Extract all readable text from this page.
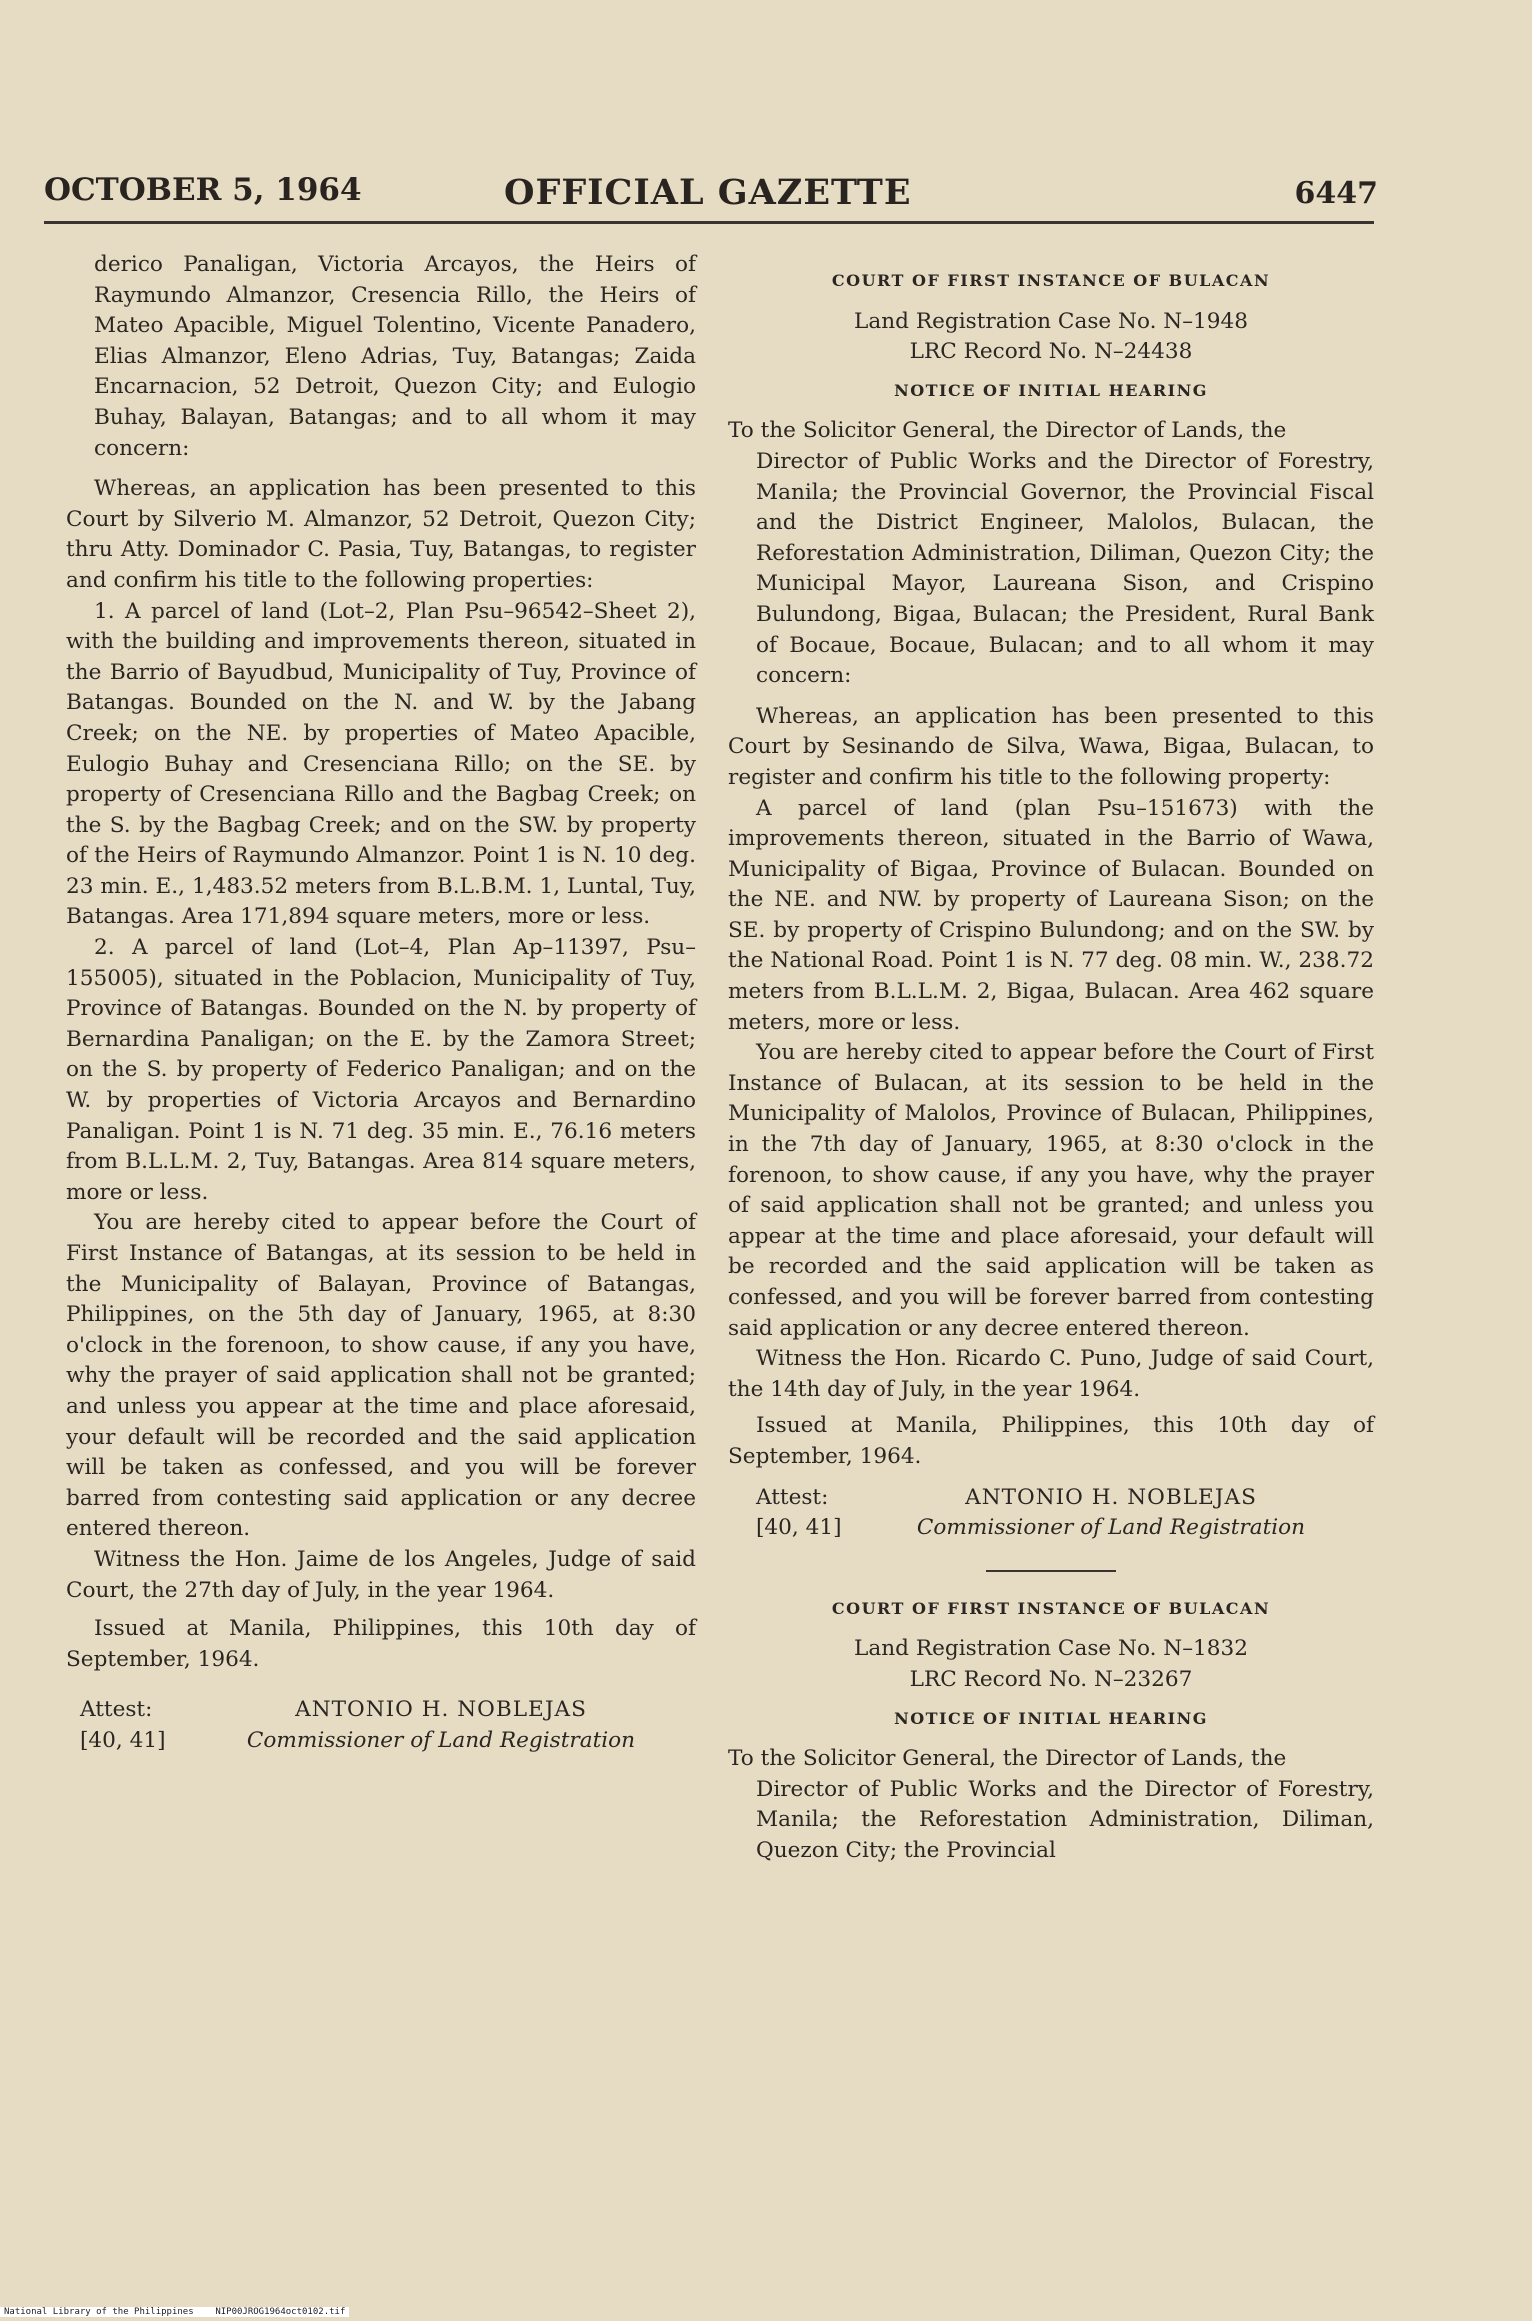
OCTOBER 5, 1964	OFFICIAL GAZETTE	6447
derico Panaligan, Victoria Arcayos, the Heirs of Raymundo Almanzor, Cresencia Rillo, the Heirs of Mateo Apacible, Miguel Tolentino, Vicente Panadero, Elias Almanzor, Eleno Adrias, Tuy, Batangas; Zaida Encarnacion, 52 Detroit, Quezon City; and Eulogio Buhay, Balayan, Batangas; and to all whom it may concern:

Whereas, an application has been presented to this Court by Silverio M. Almanzor, 52 Detroit, Quezon City; thru Atty. Dominador C. Pasia, Tuy, Batangas, to register and confirm his title to the following properties:

1. A parcel of land (Lot–2, Plan Psu–96542–Sheet 2), with the building and improvements thereon, situated in the Barrio of Bayudbud, Municipality of Tuy, Province of Batangas. Bounded on the N. and W. by the Jabang Creek; on the NE. by properties of Mateo Apacible, Eulogio Buhay and Cresenciana Rillo; on the SE. by property of Cresenciana Rillo and the Bagbag Creek; on the S. by the Bagbag Creek; and on the SW. by property of the Heirs of Raymundo Almanzor. Point 1 is N. 10 deg. 23 min. E., 1,483.52 meters from B.L.B.M. 1, Luntal, Tuy, Batangas. Area 171,894 square meters, more or less.

2. A parcel of land (Lot–4, Plan Ap–11397, Psu–155005), situated in the Poblacion, Municipality of Tuy, Province of Batangas. Bounded on the N. by property of Bernardina Panaligan; on the E. by the Zamora Street; on the S. by property of Federico Panaligan; and on the W. by properties of Victoria Arcayos and Bernardino Panaligan. Point 1 is N. 71 deg. 35 min. E., 76.16 meters from B.L.L.M. 2, Tuy, Batangas. Area 814 square meters, more or less.

You are hereby cited to appear before the Court of First Instance of Batangas, at its session to be held in the Municipality of Balayan, Province of Batangas, Philippines, on the 5th day of January, 1965, at 8:30 o'clock in the forenoon, to show cause, if any you have, why the prayer of said application shall not be granted; and unless you appear at the time and place aforesaid, your default will be recorded and the said application will be taken as confessed, and you will be forever barred from contesting said application or any decree entered thereon.

Witness the Hon. Jaime de los Angeles, Judge of said Court, the 27th day of July, in the year 1964.

Issued at Manila, Philippines, this 10th day of September, 1964.

Attest:	ANTONIO H. NOBLEJAS
[40, 41]	Commissioner of Land Registration
COURT OF FIRST INSTANCE OF BULACAN
Land Registration Case No. N–1948
LRC Record No. N–24438
NOTICE OF INITIAL HEARING
To the Solicitor General, the Director of Lands, the
Director of Public Works and the Director of Forestry, Manila; the Provincial Governor, the Provincial Fiscal and the District Engineer, Malolos, Bulacan, the Reforestation Administration, Diliman, Quezon City; the Municipal Mayor, Laureana Sison, and Crispino Bulundong, Bigaa, Bulacan; the President, Rural Bank of Bocaue, Bocaue, Bulacan; and to all whom it may concern:

Whereas, an application has been presented to this Court by Sesinando de Silva, Wawa, Bigaa, Bulacan, to register and confirm his title to the following property:

A parcel of land (plan Psu–151673) with the improvements thereon, situated in the Barrio of Wawa, Municipality of Bigaa, Province of Bulacan. Bounded on the NE. and NW. by property of Laureana Sison; on the SE. by property of Crispino Bulundong; and on the SW. by the National Road. Point 1 is N. 77 deg. 08 min. W., 238.72 meters from B.L.L.M. 2, Bigaa, Bulacan. Area 462 square meters, more or less.

You are hereby cited to appear before the Court of First Instance of Bulacan, at its session to be held in the Municipality of Malolos, Province of Bulacan, Philippines, in the 7th day of January, 1965, at 8:30 o'clock in the forenoon, to show cause, if any you have, why the prayer of said application shall not be granted; and unless you appear at the time and place aforesaid, your default will be recorded and the said application will be taken as confessed, and you will be forever barred from contesting said application or any decree entered thereon.

Witness the Hon. Ricardo C. Puno, Judge of said Court, the 14th day of July, in the year 1964.

Issued at Manila, Philippines, this 10th day of September, 1964.

Attest:	ANTONIO H. NOBLEJAS
[40, 41]	Commissioner of Land Registration
COURT OF FIRST INSTANCE OF BULACAN
Land Registration Case No. N–1832
LRC Record No. N–23267
NOTICE OF INITIAL HEARING
To the Solicitor General, the Director of Lands, the
Director of Public Works and the Director of Forestry, Manila; the Reforestation Administration, Diliman, Quezon City; the Provincial
National Library of the Philippines    NIP00JROG1964oct0102.tif
